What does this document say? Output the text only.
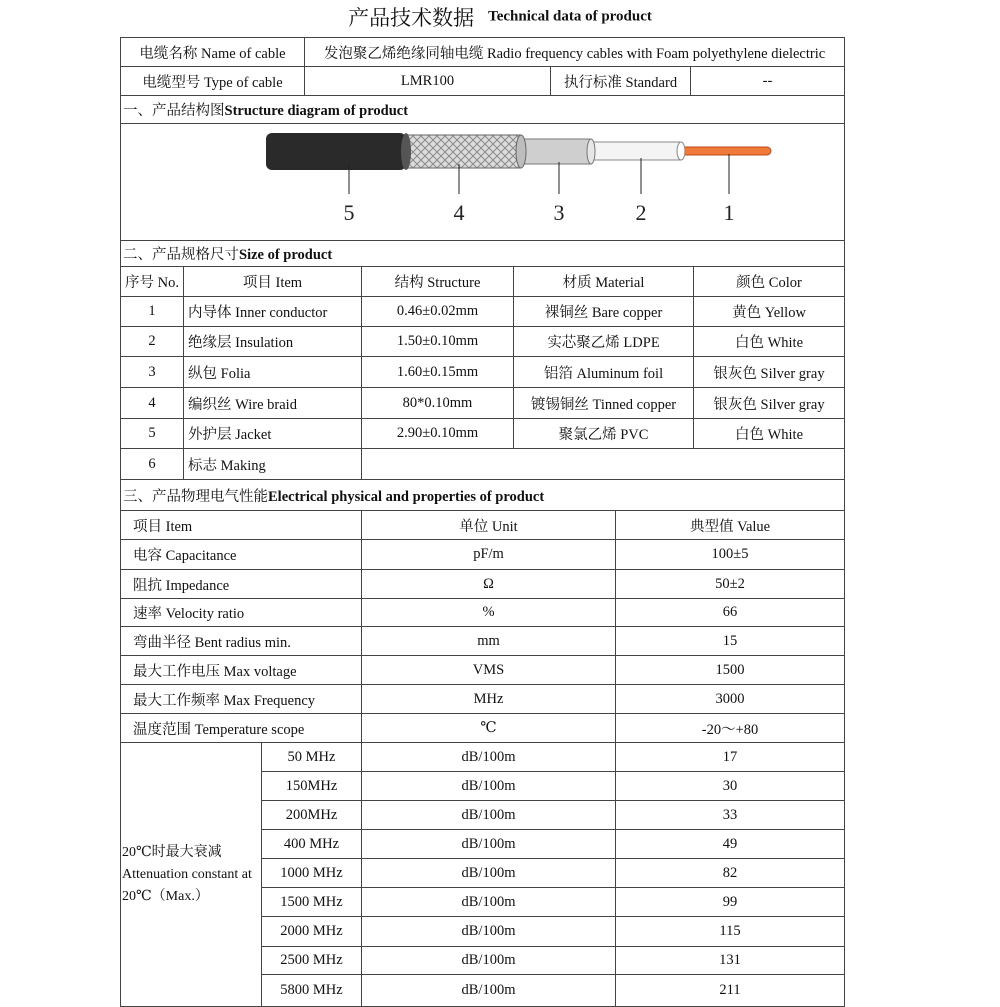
产品技术数据 Technical data of product
电缆名称 Name of cable	发泡聚乙烯绝缘同轴电缆 Radio frequency cables with Foam polyethylene dielectric		
电缆型号 Type of cable	LMR100	执行标准 Standard	--
一、产品结构图Structure diagram of product			

5 4 3 2 1			
二、产品规格尺寸Size of product				
序号 No.	项目 Item	结构 Structure	材质 Material	颜色 Color
1	内导体 Inner conductor	0.46±0.02mm	裸铜丝 Bare copper	黄色 Yellow
2	绝缘层 Insulation	1.50±0.10mm	实芯聚乙烯 LDPE	白色 White
3	纵包 Folia	1.60±0.15mm	铝箔 Aluminum foil	银灰色 Silver gray
4	编织丝 Wire braid	80*0.10mm	镀锡铜丝 Tinned copper	银灰色 Silver gray
5	外护层 Jacket	2.90±0.10mm	聚氯乙烯 PVC	白色 White
6	标志 Making			
三、产品物理电气性能Electrical physical and properties of product			
项目 Item		单位 Unit	典型值 Value
电容 Capacitance		pF/m	100±5
阻抗 Impedance		Ω	50±2
速率 Velocity ratio		%	66
弯曲半径 Bent radius min.		mm	15
最大工作电压 Max voltage		VMS	1500
最大工作频率 Max Frequency		MHz	3000
温度范围 Temperature scope		℃	-20～+80

20℃时最大衰减
Attenuation constant at
20℃（Max.）	50 MHz	dB/100m	17
	150MHz	dB/100m	30
	200MHz	dB/100m	33
	400 MHz	dB/100m	49
	1000 MHz	dB/100m	82
	1500 MHz	dB/100m	99
	2000 MHz	dB/100m	115
	2500 MHz	dB/100m	131
	5800 MHz	dB/100m	211
